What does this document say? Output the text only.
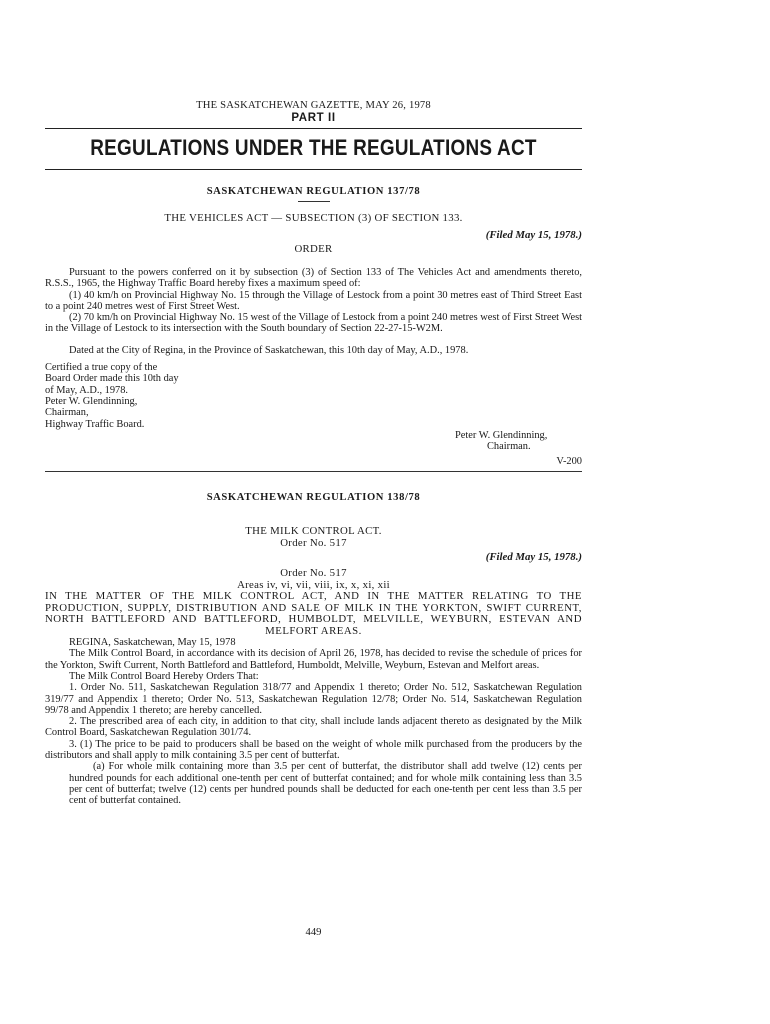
THE SASKATCHEWAN GAZETTE, MAY 26, 1978

PART II

REGULATIONS UNDER THE REGULATIONS ACT

SASKATCHEWAN REGULATION 137/78

THE VEHICLES ACT — SUBSECTION (3) OF SECTION 133.

(Filed May 15, 1978.)

ORDER

Pursuant to the powers conferred on it by subsection (3) of Section 133 of The Vehicles Act and amendments thereto, R.S.S., 1965, the Highway Traffic Board hereby fixes a maximum speed of:

(1) 40 km/h on Provincial Highway No. 15 through the Village of Lestock from a point 30 metres east of Third Street East to a point 240 metres west of First Street West.

(2) 70 km/h on Provincial Highway No. 15 west of the Village of Lestock from a point 240 metres west of First Street West in the Village of Lestock to its intersection with the South boundary of Section 22-27-15-W2M.

Dated at the City of Regina, in the Province of Saskatchewan, this 10th day of May, A.D., 1978.

Certified a true copy of the

Board Order made this 10th day

of May, A.D., 1978.

Peter W. Glendinning,

Chairman,

Highway Traffic Board.

Peter W. Glendinning,

Chairman.

V-200

SASKATCHEWAN REGULATION 138/78

THE MILK CONTROL ACT.

Order No. 517

(Filed May 15, 1978.)

Order No. 517

Areas iv, vi, vii, viii, ix, x, xi, xii

IN THE MATTER OF THE MILK CONTROL ACT, AND IN THE MATTER RELATING TO THE PRODUCTION, SUPPLY, DISTRIBUTION AND SALE OF MILK IN THE YORKTON, SWIFT CURRENT, NORTH BATTLEFORD AND BATTLEFORD, HUMBOLDT, MELVILLE, WEYBURN, ESTEVAN AND MELFORT AREAS.

REGINA, Saskatchewan, May 15, 1978

The Milk Control Board, in accordance with its decision of April 26, 1978, has decided to revise the schedule of prices for the Yorkton, Swift Current, North Battleford and Battleford, Humboldt, Melville, Weyburn, Estevan and Melfort areas.

The Milk Control Board Hereby Orders That:

1. Order No. 511, Saskatchewan Regulation 318/77 and Appendix 1 thereto; Order No. 512, Saskatchewan Regulation 319/77 and Appendix 1 thereto; Order No. 513, Saskatchewan Regulation 12/78; Order No. 514, Saskatchewan Regulation 99/78 and Appendix 1 thereto; are hereby cancelled.

2. The prescribed area of each city, in addition to that city, shall include lands adjacent thereto as designated by the Milk Control Board, Saskatchewan Regulation 301/74.

3. (1) The price to be paid to producers shall be based on the weight of whole milk purchased from the producers by the distributors and shall apply to milk containing 3.5 per cent of butterfat.

(a) For whole milk containing more than 3.5 per cent of butterfat, the distributor shall add twelve (12) cents per hundred pounds for each additional one-tenth per cent of butterfat contained; and for whole milk containing less than 3.5 per cent of butterfat; twelve (12) cents per hundred pounds shall be deducted for each one-tenth per cent less than 3.5 per cent of butterfat contained.

449
